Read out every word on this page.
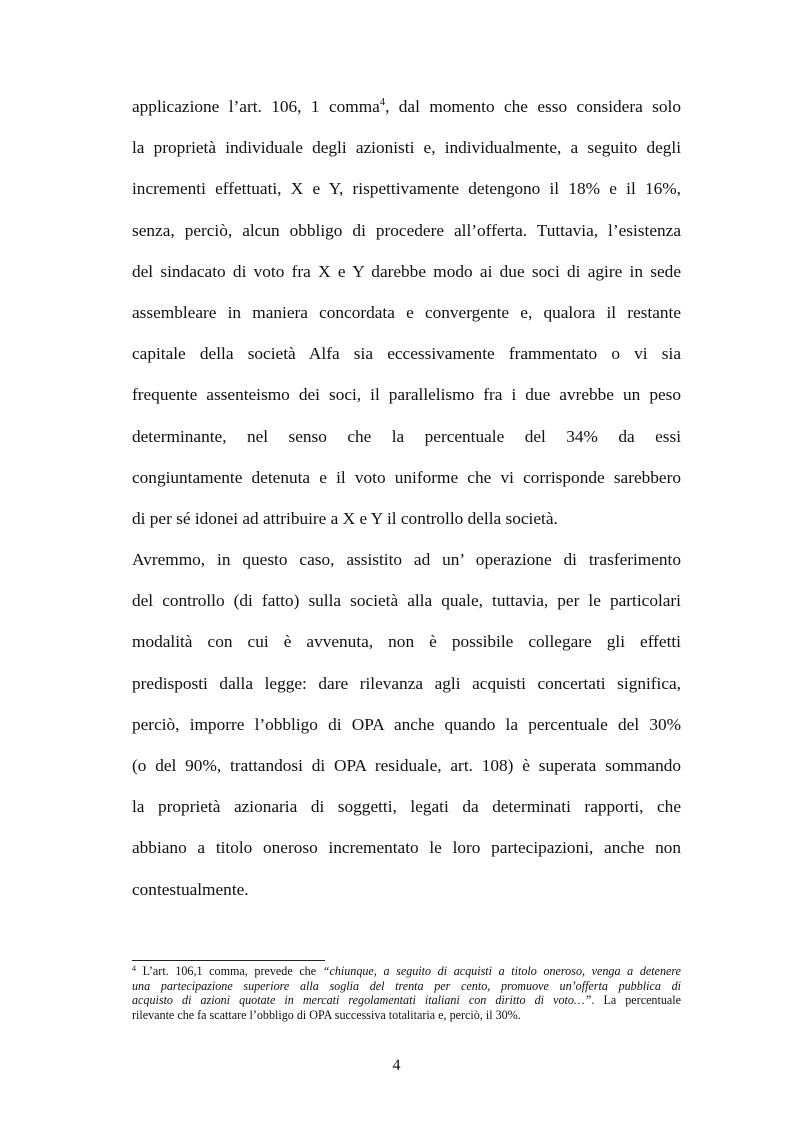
applicazione l’art. 106, 1 comma$^4$, dal momento che esso considera solo
la proprietà individuale degli azionisti e, individualmente, a seguito degli
incrementi effettuati, X e Y, rispettivamente detengono il 18% e il 16%,
senza, perciò, alcun obbligo di procedere all’offerta. Tuttavia, l’esistenza
del sindacato di voto fra X e Y darebbe modo ai due soci di agire in sede
assembleare in maniera concordata e convergente e, qualora il restante
capitale della società Alfa sia eccessivamente frammentato o vi sia
frequente assenteismo dei soci, il parallelismo fra i due avrebbe un peso
determinante, nel senso che la percentuale del 34% da essi
congiuntamente detenuta e il voto uniforme che vi corrisponde sarebbero
di per sé idonei ad attribuire a X e Y il controllo della società.
Avremmo, in questo caso, assistito ad un’ operazione di trasferimento
del controllo (di fatto) sulla società alla quale, tuttavia, per le particolari
modalità con cui è avvenuta, non è possibile collegare gli effetti
predisposti dalla legge: dare rilevanza agli acquisti concertati significa,
perciò, imporre l’obbligo di OPA anche quando la percentuale del 30%
(o del 90%, trattandosi di OPA residuale, art. 108) è superata sommando
la proprietà azionaria di soggetti, legati da determinati rapporti, che
abbiano a titolo oneroso incrementato le loro partecipazioni, anche non
contestualmente.
$^4$ L’art. 106,1 comma, prevede che “chiunque, a seguito di acquisti a titolo oneroso, venga a detenere
una partecipazione superiore alla soglia del trenta per cento, promuove un’offerta pubblica di
acquisto di azioni quotate in mercati regolamentati italiani con diritto di voto…”. La percentuale
rilevante che fa scattare l’obbligo di OPA successiva totalitaria e, perciò, il 30%.
4
